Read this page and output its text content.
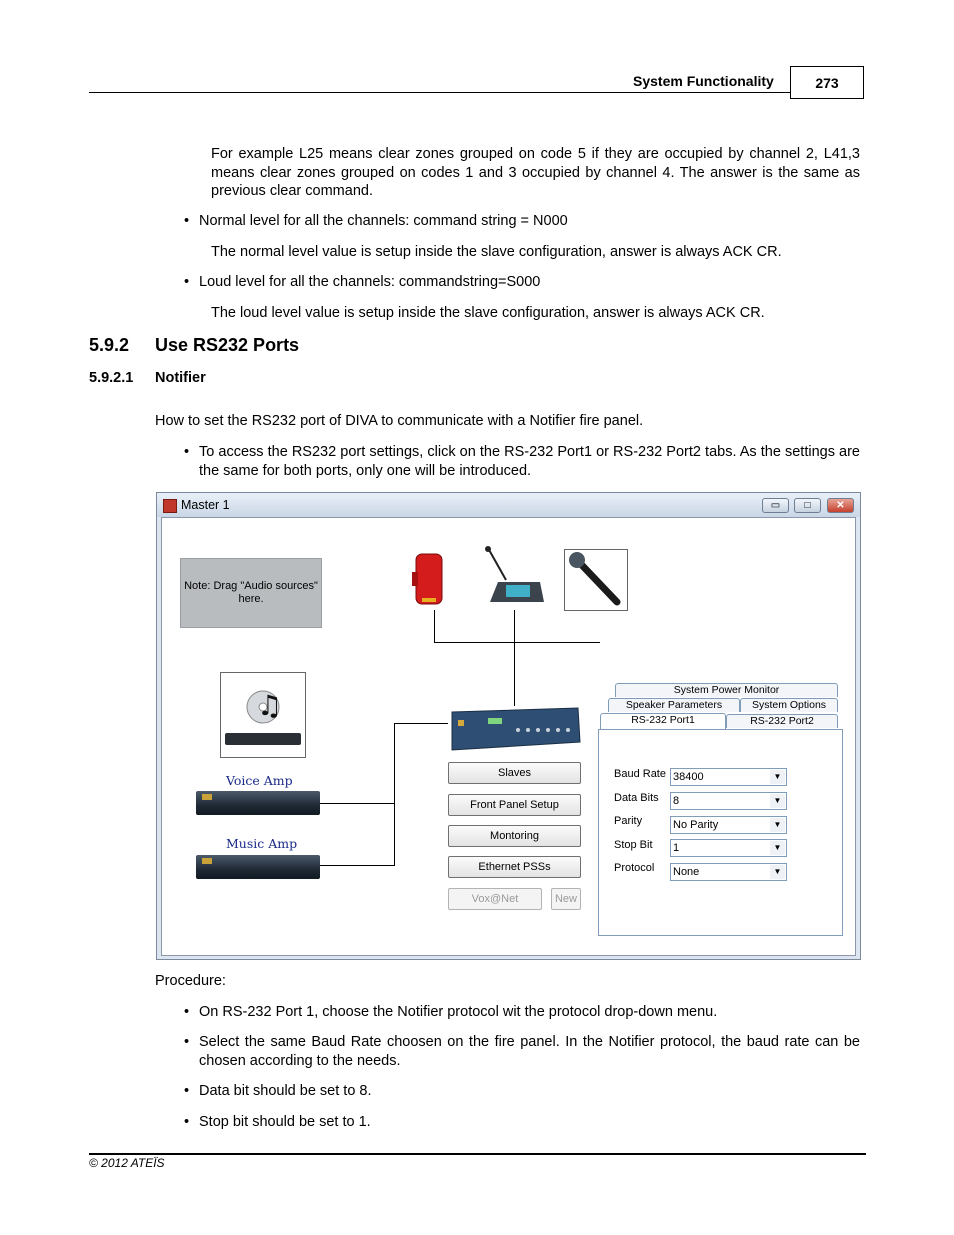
System Functionality	273

For example L25 means clear zones grouped on code 5 if they are occupied by channel 2, L41,3 means clear zones grouped on codes 1 and 3 occupied by channel 4. The answer is the same as previous clear command.

• Normal level for all the channels: command string = N000

The normal level value is setup inside the slave configuration, answer is always ACK CR.

• Loud level for all the channels: commandstring=S000

The loud level value is setup inside the slave configuration, answer is always ACK CR.

5.9.2 Use RS232 Ports
5.9.2.1 Notifier

How to set the RS232 port of DIVA to communicate with a Notifier fire panel.

• To access the RS232 port settings, click on the RS-232 Port1 or RS-232 Port2 tabs. As the settings are the same for both ports, only one will be introduced.
Master 1	▭	□	✕
Note: Drag "Audio sources" here.
♫
Voice Amp
Music Amp
Slaves
Front Panel Setup
Montoring
Ethernet PSSs
Vox@Net	New
System Power Monitor
Speaker Parameters	System Options
RS-232 Port1	RS-232 Port2
Baud Rate 38400	▼
Data Bits 8	▼
Parity	No Parity	▼
Stop Bit 1	▼
Protocol None	▼

Procedure:

• On RS-232 Port 1, choose the Notifier protocol wit the protocol drop-down menu.
• Select the same Baud Rate choosen on the fire panel. In the Notifier protocol, the baud rate can be chosen according to the needs.
• Data bit should be set to 8.
• Stop bit should be set to 1.
© 2012 ATEÏS
